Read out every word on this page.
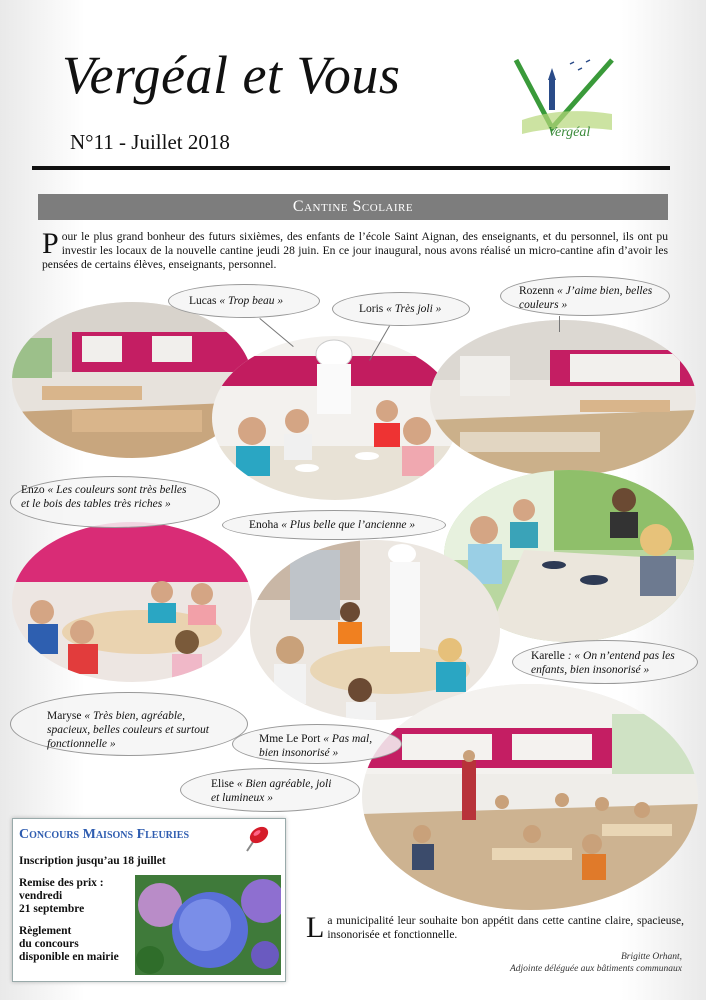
Vergéal et Vous
N°11 - Juillet 2018	Vergéal
Cantine Scolaire
P our le plus grand bonheur des futurs sixièmes, des enfants de l’école Saint Aignan, des enseignants, et du personnel, ils ont pu investir les locaux de la nouvelle cantine jeudi 28 juin. En ce jour inaugural, nous avons réalisé un micro-cantine afin d’avoir les pensées de certains élèves, enseignants, personnel.
Lucas « Trop beau »
Loris « Très joli »
Rozenn « J’aime bien, belles couleurs »
Enzo « Les couleurs sont très belles et le bois des tables très riches »
Enoha « Plus belle que l’ancienne »
Karelle : « On n’entend pas les enfants, bien insonorisé »
Maryse « Très bien, agréable, spacieux, belles couleurs et surtout fonctionnelle »	Mme Le Port « Pas mal, bien insonorisé »
Elise « Bien agréable, joli et lumineux »
Concours Maisons Fleuries
Inscription jusqu’au 18 juillet
Remise des prix :
vendredi
21 septembre
Règlement
du concours
disponible en mairie
L a municipalité leur souhaite bon appétit dans cette cantine claire, spacieuse, insonorisée et fonctionnelle.
Brigitte Orhant,
Adjointe déléguée aux bâtiments communaux
